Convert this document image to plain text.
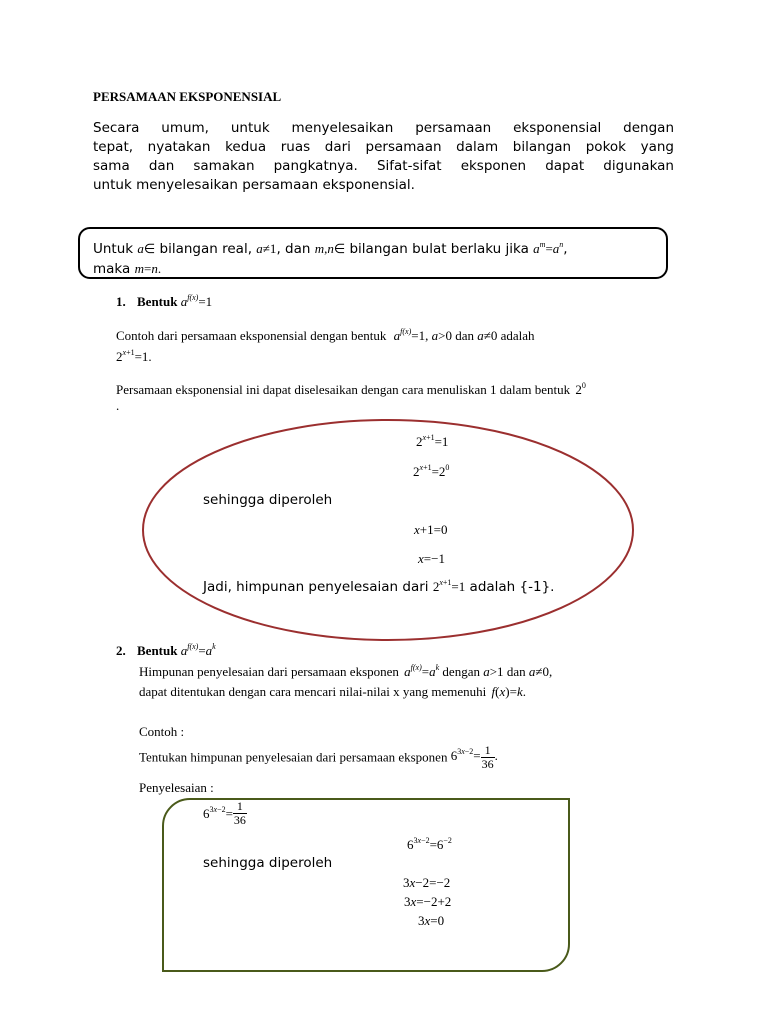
PERSAMAAN EKSPONENSIAL
Secara umum, untuk menyelesaikan persamaan eksponensial dengan
tepat, nyatakan kedua ruas dari persamaan dalam bilangan pokok yang
sama dan samakan pangkatnya. Sifat-sifat eksponen dapat digunakan
untuk menyelesaikan persamaan eksponensial.
Untuk a∈ bilangan real, a≠1, dan m,n∈ bilangan bulat berlaku jika $a^m=a^n$,
maka m=n.
1. Bentuk $a^{f(x)}=1$
Contoh dari persamaan eksponensial dengan bentuk $a^{f(x)}=1$, a>0 dan a≠0 adalah
$2^{x+1}=1$.
Persamaan eksponensial ini dapat diselesaikan dengan cara menuliskan 1 dalam bentuk $2^0$
.
$2^{x+1}=1$
$2^{x+1}=2^0$
sehingga diperoleh
x+1=0
x=−1
Jadi, himpunan penyelesaian dari $2^{x+1}=1$ adalah {-1}.
2. Bentuk $a^{f(x)}=a^k$
Himpunan penyelesaian dari persamaan eksponen $a^{f(x)}=a^k$ dengan a>1 dan a≠0,
dapat ditentukan dengan cara mencari nilai-nilai x yang memenuhi f(x)=k.
Contoh :
Tentukan himpunan penyelesaian dari persamaan eksponen $6^{3x-2}= \frac{1}{36}$ .
Penyelesaian :
$6^{3x-2}= \frac{1}{36}$
$6^{3x-2}=6^{-2}$
sehingga diperoleh
3x−2=−2
3x=−2+2
3x=0
